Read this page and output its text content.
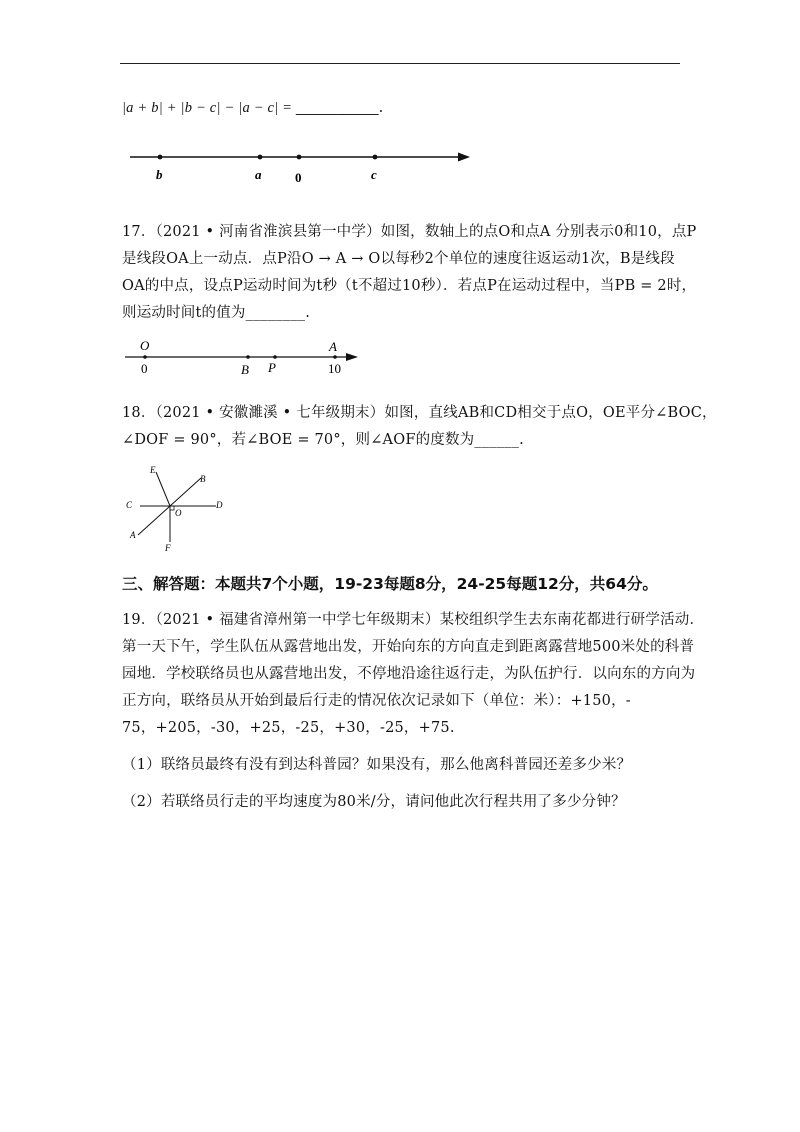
|a + b| + |b − c| − |a − c| = __________.
b	a	0	c
17．（2021 • 河南省淮滨县第一中学）如图，数轴上的点O和点A 分别表示0和10，点P
是线段OA上一动点．点P沿O → A → O以每秒2个单位的速度往返运动1次，B是线段
OA的中点，设点P运动时间为t秒（t不超过10秒）．若点P在运动过程中，当PB = 2时，
则运动时间t的值为________.
O	A
0	B P	10
18．（2021 • 安徽濉溪 • 七年级期末）如图，直线AB和CD相交于点O，OE平分∠BOC，
∠DOF = 90°，若∠BOE = 70°，则∠AOF的度数为______.
E
B
C	D
O
A
F
三、解答题：本题共7个小题，19-23每题8分，24-25每题12分，共64分。
19．（2021 • 福建省漳州第一中学七年级期末）某校组织学生去东南花都进行研学活动．
第一天下午，学生队伍从露营地出发，开始向东的方向直走到距离露营地500米处的科普
园地．学校联络员也从露营地出发，不停地沿途往返行走，为队伍护行．以向东的方向为
正方向，联络员从开始到最后行走的情况依次记录如下（单位：米）：+150，-
75，+205，-30，+25，-25，+30，-25，+75.
（1）联络员最终有没有到达科普园？如果没有，那么他离科普园还差多少米？
（2）若联络员行走的平均速度为80米/分，请问他此次行程共用了多少分钟？
